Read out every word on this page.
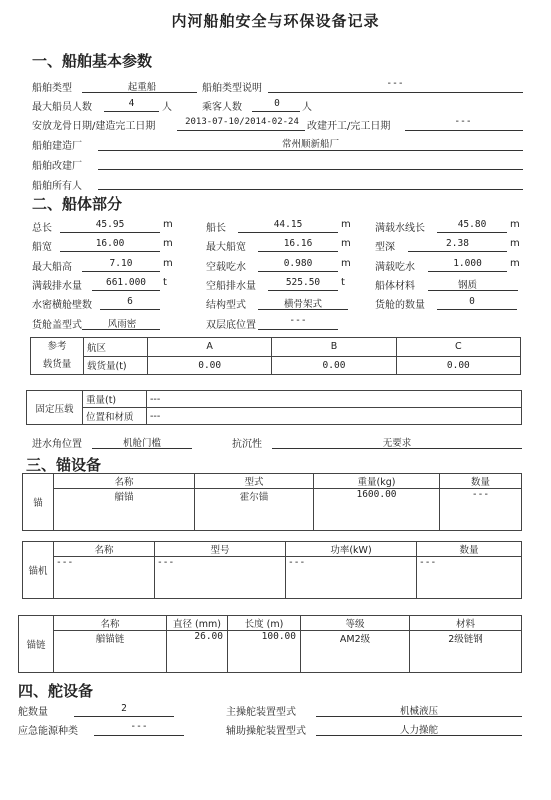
内河船舶安全与环保设备记录
一、船舶基本参数
船舶类型	起重船	船舶类型说明	---
最大船员人数	4	人	乘客人数	0	人
安放龙骨日期/建造完工日期	2013-07-10/2014-02-24 改建开工/完工日期	---
船舶建造厂	常州顺新船厂
船舶改建厂
船舶所有人
二、船体部分
总长	45.95	m	船长	44.15	m 满载水线长	45.80	m
船宽	16.00	m	最大船宽	16.16	m 型深	2.38	m
最大船高	7.10	m	空载吃水	0.980	m 满载吃水	1.000	m
满载排水量	661.000	t	空船排水量	525.50	t	船体材料	钢质
水密横舱壁数	6	结构型式	横骨架式	货舱的数量	0
货舱盖型式	风雨密	双层底位置	---
参考
载货量	航区	A	B	C
	载货量(t)	0.00	0.00	0.00
固定压载	重量(t)	---
	位置和材质	---
进水角位置	机舱门槛	抗沉性	无要求
三、锚设备
锚	名称	型式	重量(kg)	数量
	艏锚	霍尔锚	1600.00	---
锚机	名称	型号	功率(kW)	数量
	---	---	---	---
锚链	名称	直径 (mm)	长度 (m)	等级	材料
	艏锚链	26.00	100.00	AM2级	2级链钢
四、舵设备
舵数量	2	主操舵装置型式	机械液压
应急能源种类	---	辅助操舵装置型式	人力操舵
